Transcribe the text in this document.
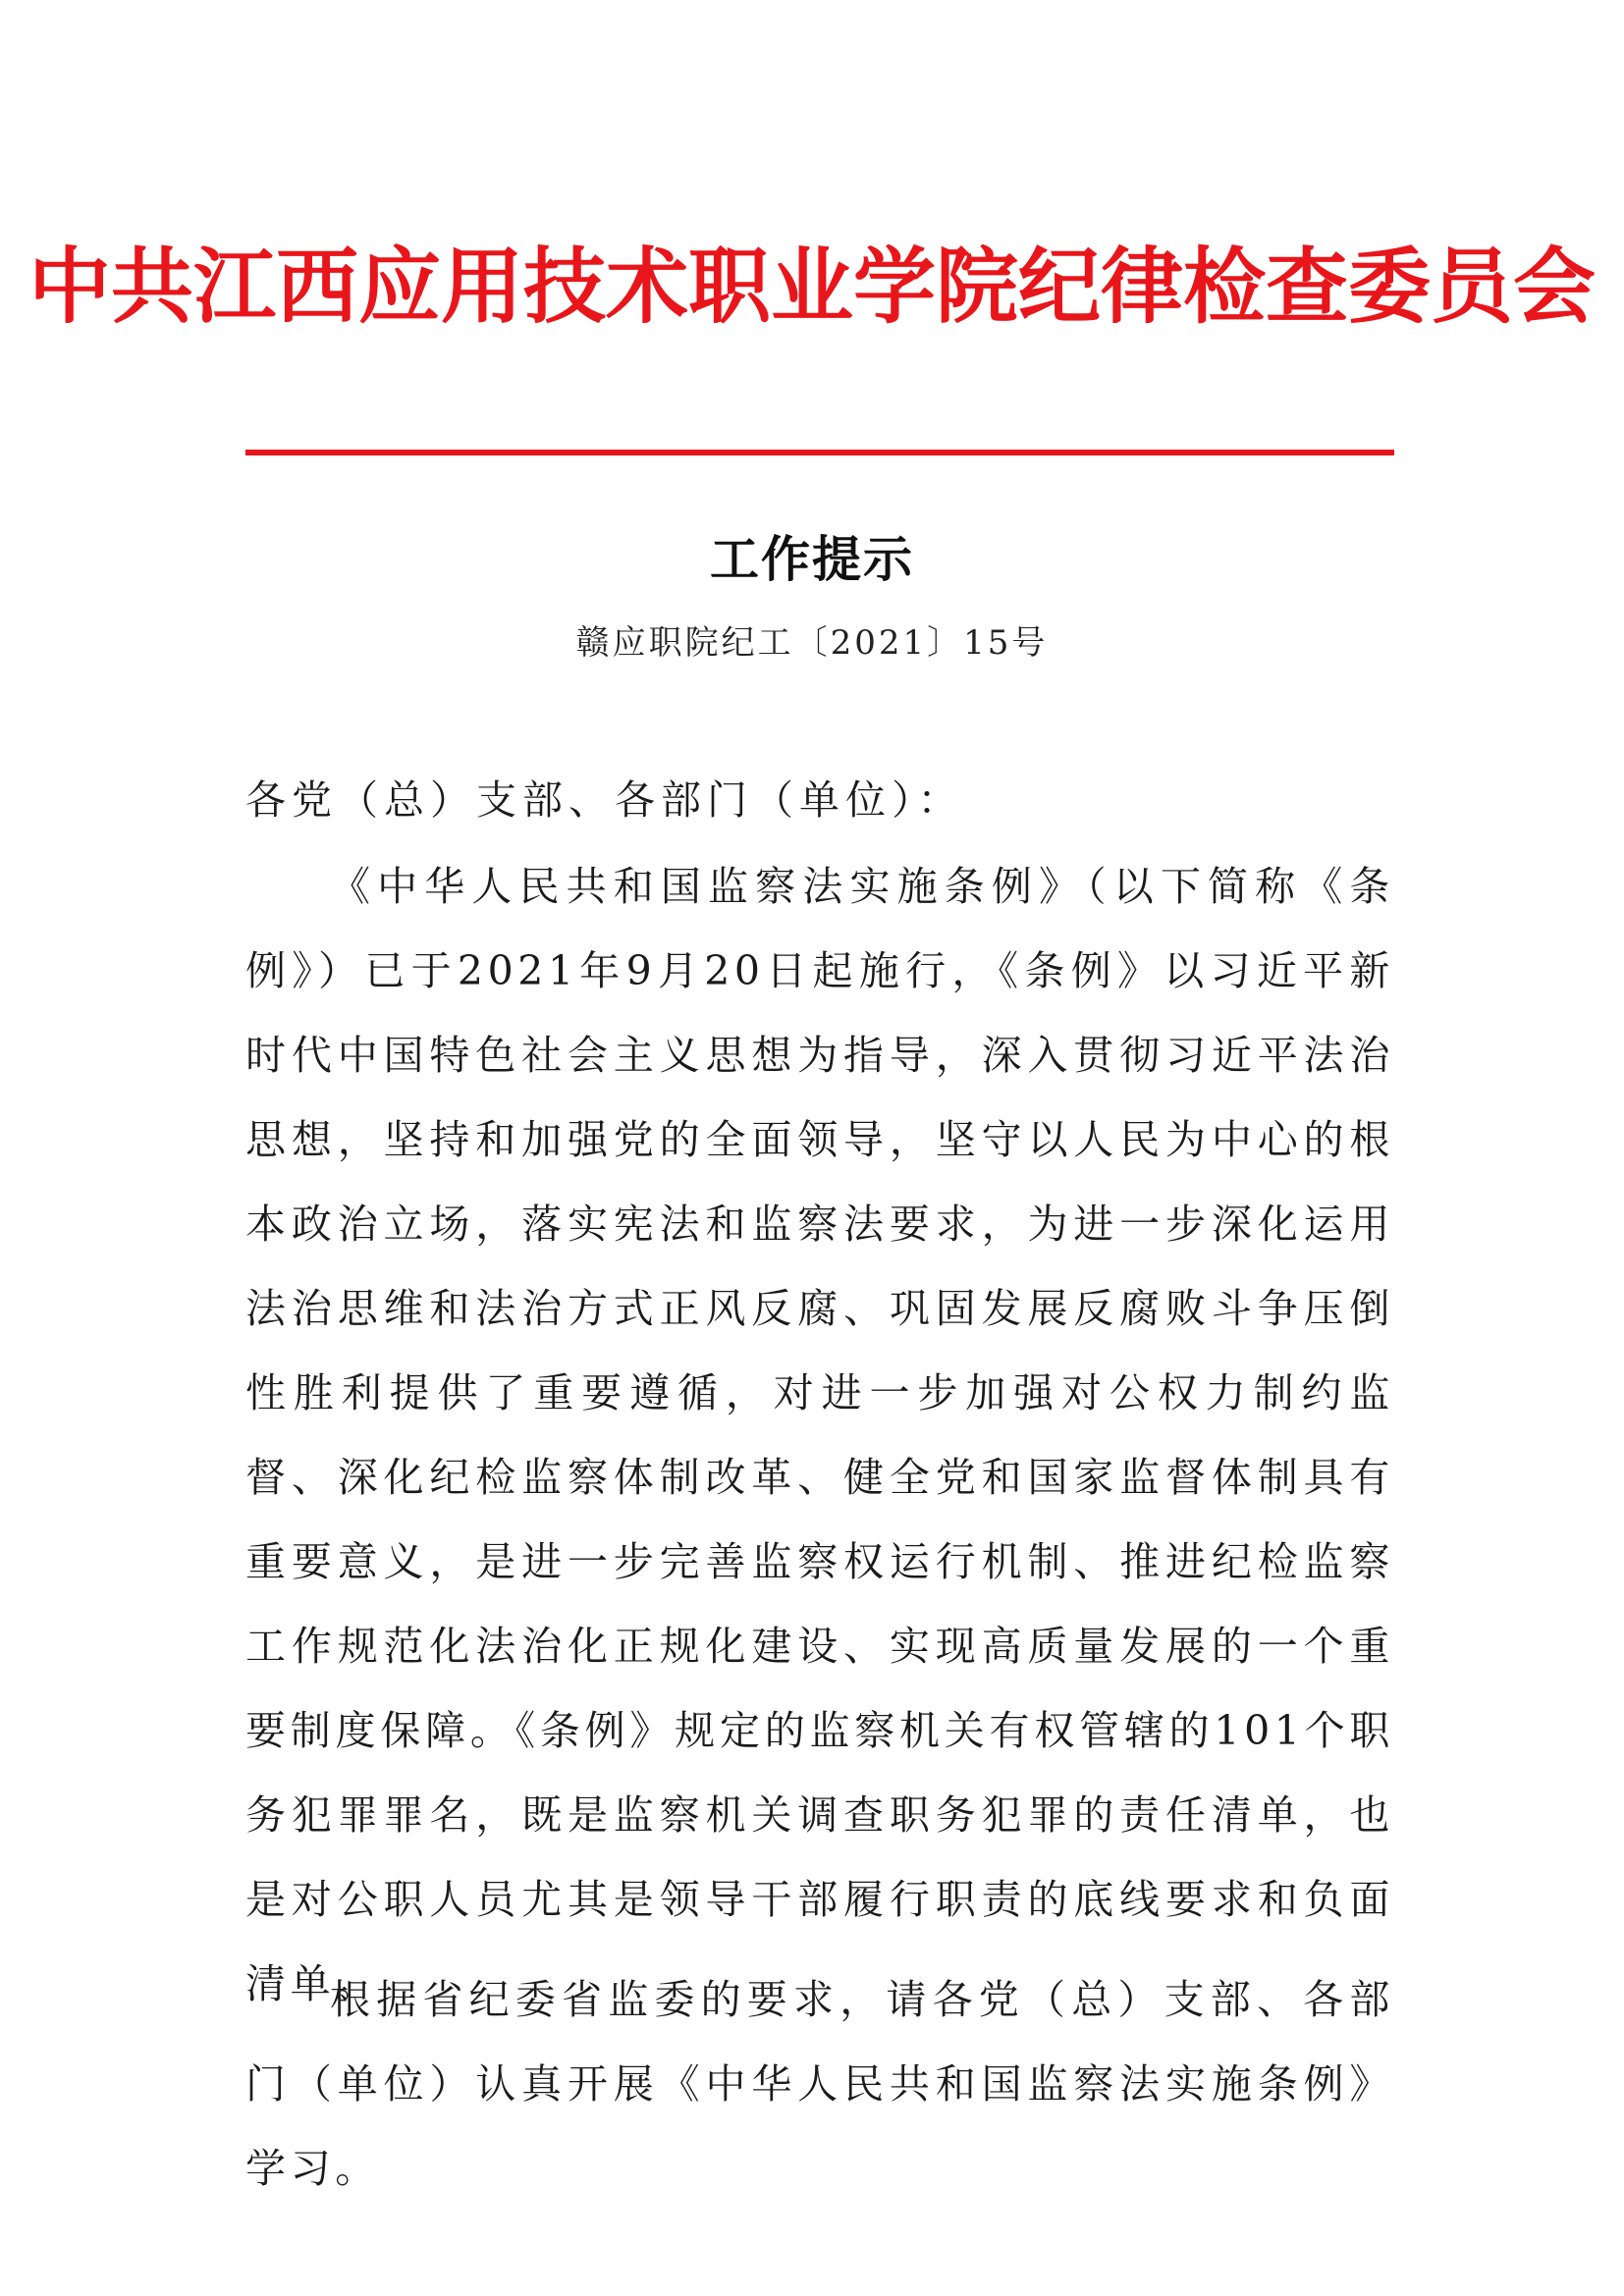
中共江西应用技术职业学院纪律检查委员会
工作提示
赣应职院纪工〔2021〕15号
各党（总）支部、各部门（单位）：

《中华人民共和国监察法实施条例》（以下简称《条例》）已于2021年9月20日起施行，《条例》以习近平新时代中国特色社会主义思想为指导，深入贯彻习近平法治思想，坚持和加强党的全面领导，坚守以人民为中心的根本政治立场，落实宪法和监察法要求，为进一步深化运用法治思维和法治方式正风反腐、巩固发展反腐败斗争压倒性胜利提供了重要遵循，对进一步加强对公权力制约监督、深化纪检监察体制改革、健全党和国家监督体制具有重要意义，是进一步完善监察权运行机制、推进纪检监察工作规范化法治化正规化建设、实现高质量发展的一个重要制度保障。《条例》规定的监察机关有权管辖的101个职务犯罪罪名，既是监察机关调查职务犯罪的责任清单，也是对公职人员尤其是领导干部履行职责的底线要求和负面清单。

根据省纪委省监委的要求，请各党（总）支部、各部门（单位）认真开展《中华人民共和国监察法实施条例》学习。
